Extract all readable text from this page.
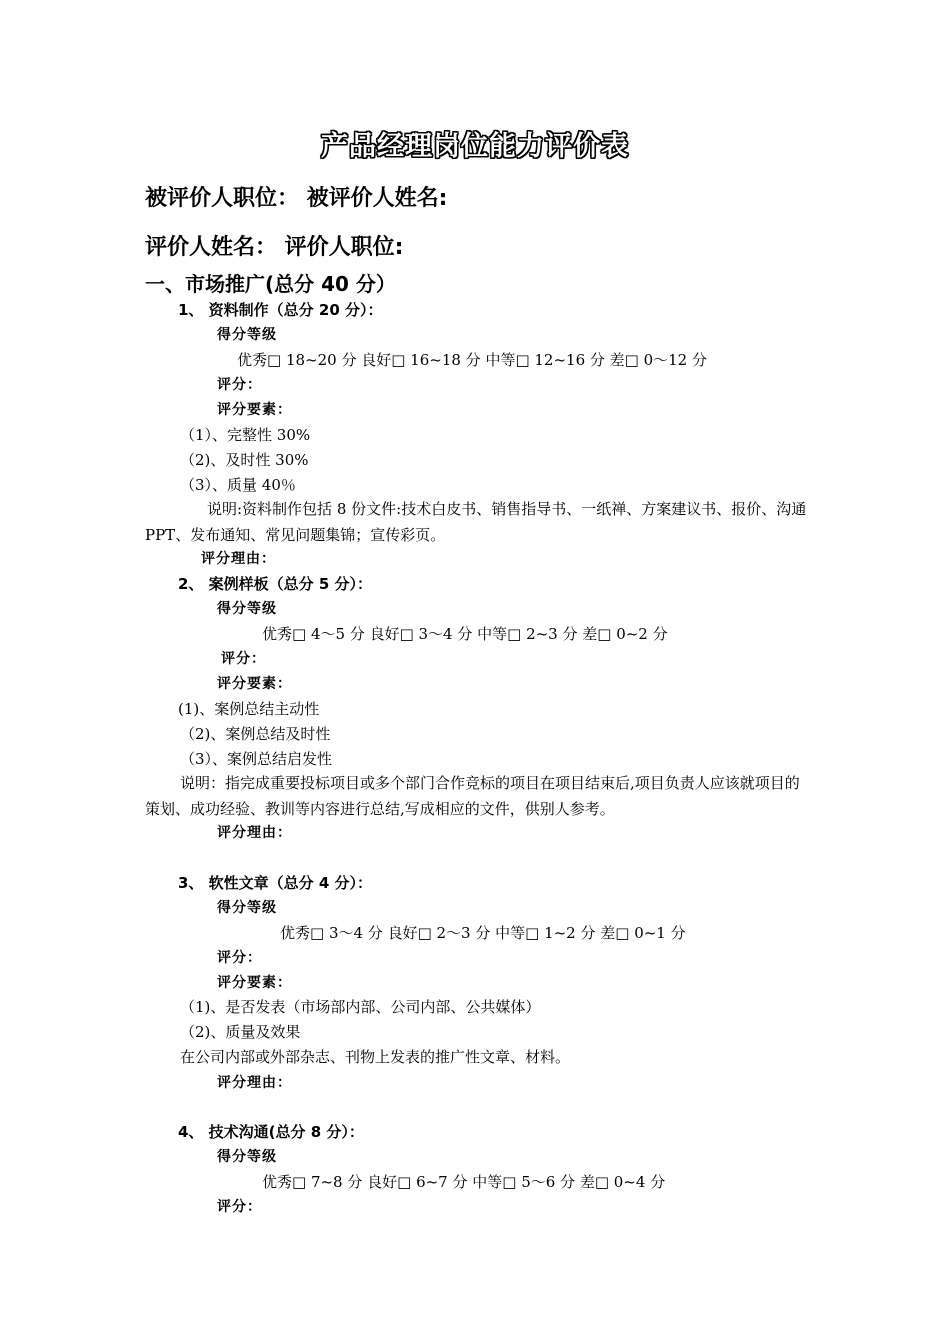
产品经理岗位能力评价表
被评价人职位： 被评价人姓名:
评价人姓名： 评价人职位:
一、市场推广(总分 40 分）
1、 资料制作（总分 20 分）：
得分等级
优秀□ 18~20 分 良好□ 16~18 分 中等□ 12~16 分 差□ 0～12 分
评分：
评分要素：
（1）、完整性 30%
（2)、及时性 30%
（3）、质量 40％
说明:资料制作包括 8 份文件:技术白皮书、销售指导书、一纸禅、方案建议书、报价、沟通 PPT、发布通知、常见问题集锦；宣传彩页。
评分理由：
2、 案例样板（总分 5 分）：
得分等级
优秀□ 4～5 分 良好□ 3～4 分 中等□ 2~3 分 差□ 0~2 分
评分：
评分要素：
(1)、案例总结主动性
（2)、案例总结及时性
（3）、案例总结启发性
说明：指完成重要投标项目或多个部门合作竞标的项目在项目结束后,项目负责人应该就项目的策划、成功经验、教训等内容进行总结,写成相应的文件，供别人参考。
评分理由：
3、 软性文章（总分 4 分）：
得分等级
优秀□ 3～4 分 良好□ 2～3 分 中等□ 1~2 分 差□ 0~1 分
评分：
评分要素：
（1)、是否发表（市场部内部、公司内部、公共媒体）
（2)、质量及效果
在公司内部或外部杂志、刊物上发表的推广性文章、材料。
评分理由：
4、 技术沟通(总分 8 分）：
得分等级
优秀□ 7~8 分 良好□ 6~7 分 中等□ 5～6 分 差□ 0~4 分
评分：
